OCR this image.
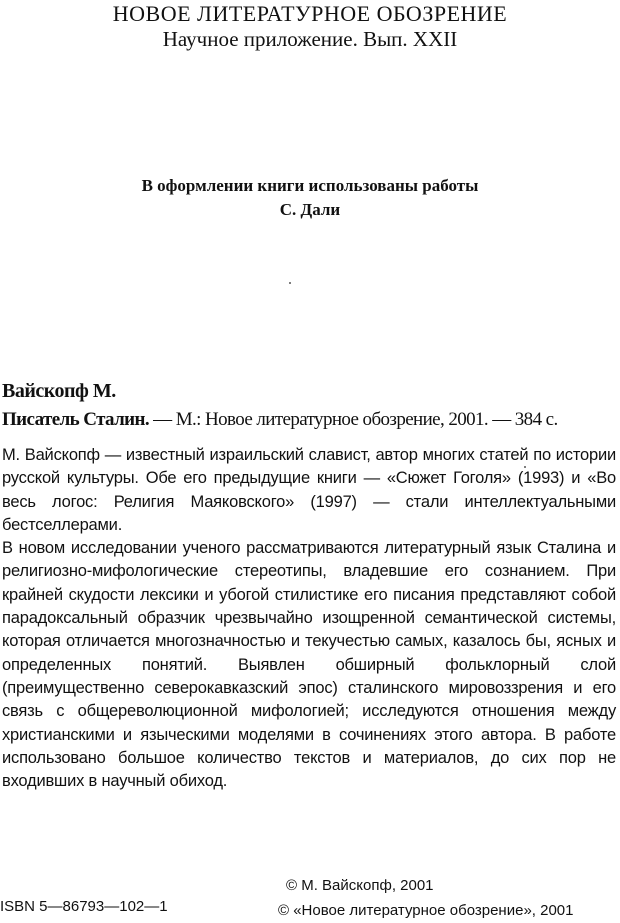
НОВОЕ ЛИТЕРАТУРНОЕ ОБОЗРЕНИЕ
Научное приложение. Вып. XXII
В оформлении книги использованы работы
С. Дали
Вайскопф М.
Писатель Сталин. — М.: Новое литературное обозрение, 2001. — 384 с.

М. Вайскопф — известный израильский славист, автор многих статей по истории русской культуры. Обе его предыдущие книги — «Сюжет Гоголя» (1993) и «Во весь логос: Религия Маяковского» (1997) — стали интеллектуальными бестселлерами.

В новом исследовании ученого рассматриваются литературный язык Сталина и религиозно-мифологические стереотипы, владевшие его сознанием. При крайней скудости лексики и убогой стилистике его писания представляют собой парадоксальный образчик чрезвычайно изощренной семантической системы, которая отличается многозначностью и текучестью самых, казалось бы, ясных и определенных понятий. Выявлен обширный фольклорный слой (преимущественно северокавказский эпос) сталинского мировоззрения и его связь с общереволюционной мифологией; исследуются отношения между христианскими и языческими моделями в сочинениях этого автора. В работе использовано большое количество текстов и материалов, до сих пор не входивших в научный обиход.

© М. Вайскопф, 2001
© «Новое литературное обозрение», 2001
ISBN 5—86793—102—1
